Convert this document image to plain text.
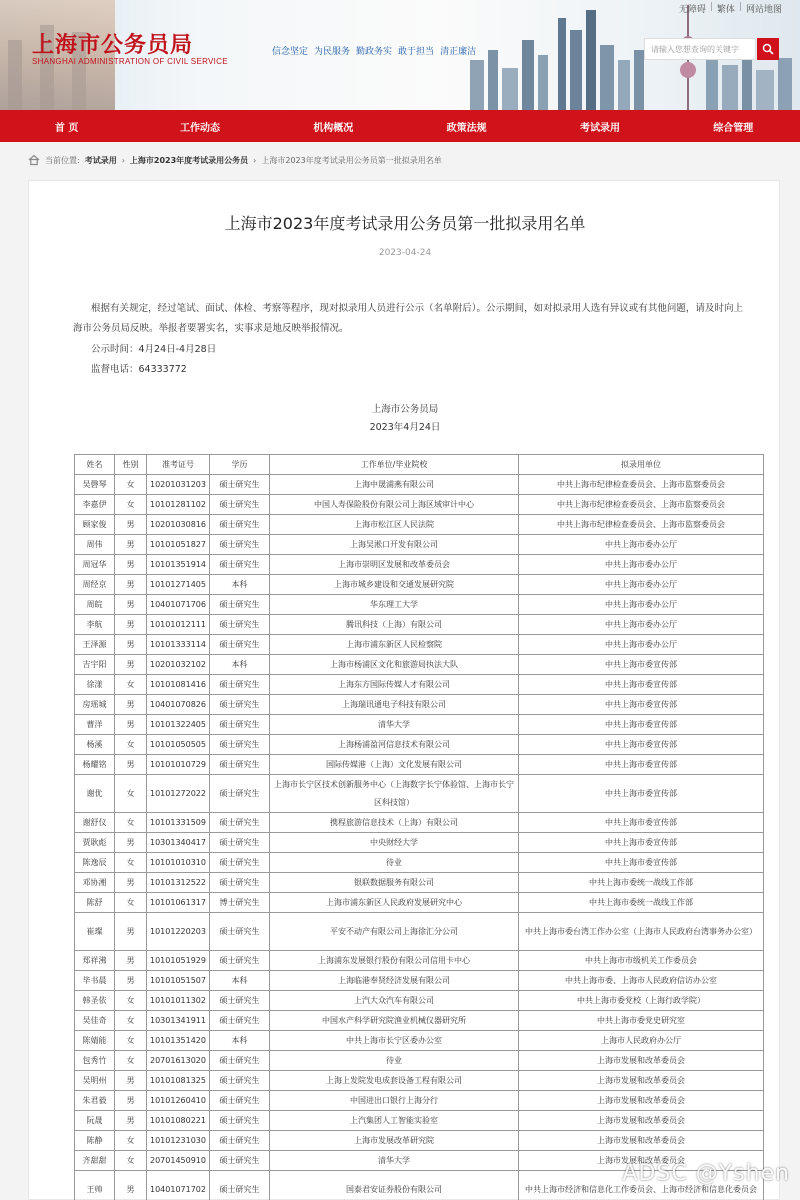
上海市公务员局
SHANGHAI ADMINISTRATION OF CIVIL SERVICE
信念坚定 为民服务 勤政务实 敢于担当 清正廉洁
无障碍 | 繁体 | 网站地图
请输入您想查询的关键字
首 页	工作动态	机构概况	政策法规	考试录用	综合管理
当前位置: 考试录用 › 上海市2023年度考试录用公务员 › 上海市2023年度考试录用公务员第一批拟录用名单
上海市2023年度考试录用公务员第一批拟录用名单
2023-04-24
根据有关规定，经过笔试、面试、体检、考察等程序，现对拟录用人员进行公示（名单附后）。公示期间，如对拟录用人选有异议或有其他问题，请及时向上海市公务员局反映。举报者要署实名，实事求是地反映举报情况。
公示时间：4月24日-4月28日
监督电话：64333772
上海市公务员局
2023年4月24日
姓名	性别	准考证号	学历	工作单位/毕业院校	拟录用单位
吴磬琴	女	10201031203	硕士研究生	上海中晟浦燕有限公司	中共上海市纪律检查委员会、上海市监察委员会
李嘉伊	女	10101281102	硕士研究生	中国人寿保险股份有限公司上海区域审计中心	中共上海市纪律检查委员会、上海市监察委员会
顾家俊	男	10201030816	硕士研究生	上海市松江区人民法院	中共上海市纪律检查委员会、上海市监察委员会
周伟	男	10101051827	硕士研究生	上海吴淞口开发有限公司	中共上海市委办公厅
周冠华	男	10101351914	硕士研究生	上海市崇明区发展和改革委员会	中共上海市委办公厅
周经京	男	10101271405	本科	上海市城乡建设和交通发展研究院	中共上海市委办公厅
周皖	男	10401071706	硕士研究生	华东理工大学	中共上海市委办公厅
李航	男	10101012111	硕士研究生	腾讯科技（上海）有限公司	中共上海市委办公厅
王泽源	男	10101333114	硕士研究生	上海市浦东新区人民检察院	中共上海市委办公厅
吉宇阳	男	10201032102	本科	上海市杨浦区文化和旅游局执法大队	中共上海市委宣传部
徐漾	女	10101081416	硕士研究生	上海东方国际传媒人才有限公司	中共上海市委宣传部
房瑶城	男	10401070826	硕士研究生	上海瑞讯通电子科技有限公司	中共上海市委宣传部
曹洋	男	10101322405	硕士研究生	清华大学	中共上海市委宣传部
杨溪	女	10101050505	硕士研究生	上海杨浦盈河信息技术有限公司	中共上海市委宣传部
杨耀铭	男	10101010729	硕士研究生	国际传媒港（上海）文化发展有限公司	中共上海市委宣传部
谢优	女	10101272022	硕士研究生	上海市长宁区技术创新服务中心（上海数字长宁体验馆、上海市长宁区科技馆）	中共上海市委宣传部
谢舒仪	女	10101331509	硕士研究生	携程旅游信息技术（上海）有限公司	中共上海市委宣传部
贾耿彪	男	10301340417	硕士研究生	中央财经大学	中共上海市委宣传部
陈逸辰	女	10101010310	硕士研究生	待业	中共上海市委宣传部
邓协湘	男	10101312522	硕士研究生	银联数据服务有限公司	中共上海市委统一战线工作部
陈舒	女	10101061317	博士研究生	上海市浦东新区人民政府发展研究中心	中共上海市委统一战线工作部
崔璨	男	10101220203	硕士研究生	平安不动产有限公司上海徐汇分公司	中共上海市委台湾工作办公室（上海市人民政府台湾事务办公室）
郑祥沸	男	10101051929	硕士研究生	上海浦东发展银行股份有限公司信用卡中心	中共上海市市级机关工作委员会
毕书晨	男	10101051507	本科	上海临港奉贤经济发展有限公司	中共上海市委、上海市人民政府信访办公室
韩圣依	女	10101011302	硕士研究生	上汽大众汽车有限公司	中共上海市委党校（上海行政学院）
吴佳奇	女	10301341911	硕士研究生	中国水产科学研究院渔业机械仪器研究所	中共上海市委党史研究室
陈婧能	女	10101351420	本科	中共上海市长宁区委办公室	上海市人民政府办公厅
包秀竹	女	20701613020	硕士研究生	待业	上海市发展和改革委员会
吴明州	男	10101081325	硕士研究生	上海上发院发电成套设备工程有限公司	上海市发展和改革委员会
朱君毅	男	10101260410	硕士研究生	中国进出口银行上海分行	上海市发展和改革委员会
阮晟	男	10101080221	硕士研究生	上汽集团人工智能实验室	上海市发展和改革委员会
陈静	女	10101231030	硕士研究生	上海市发展改革研究院	上海市发展和改革委员会
齐甜甜	女	20701450910	硕士研究生	清华大学	上海市发展和改革委员会
王帅	男	10401071702	硕士研究生	国泰君安证券股份有限公司	中共上海市经济和信息化工作委员会、上海市经济和信息化委员会
ADSC @Yshen
